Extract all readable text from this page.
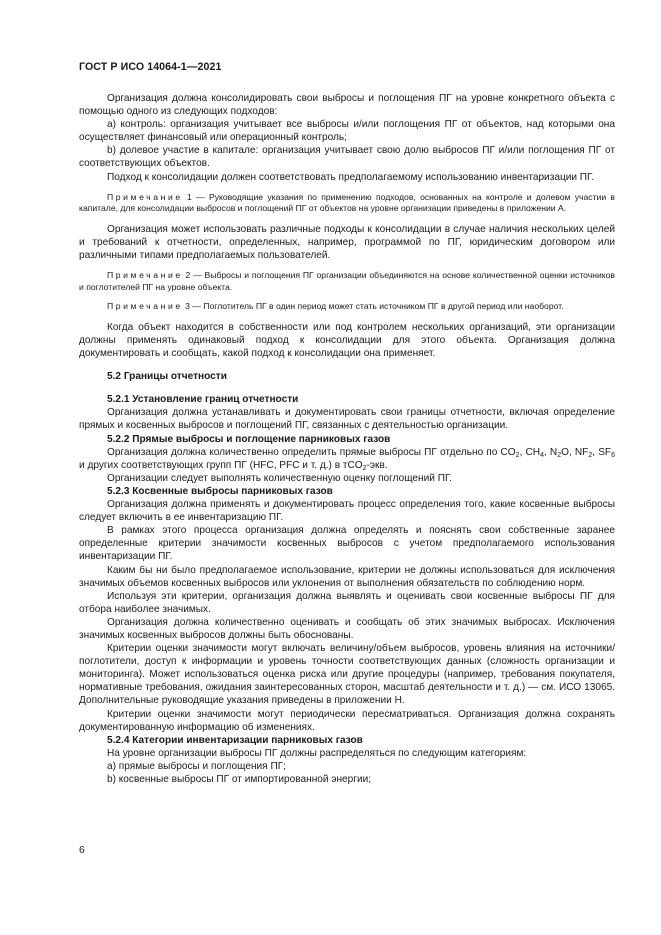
ГОСТ Р ИСО 14064-1—2021

Организация должна консолидировать свои выбросы и поглощения ПГ на уровне конкретного объекта с помощью одного из следующих подходов:

а) контроль: организация учитывает все выбросы и/или поглощения ПГ от объектов, над которыми она осуществляет финансовый или операционный контроль;

b) долевое участие в капитале: организация учитывает свою долю выбросов ПГ и/или поглощения ПГ от соответствующих объектов.

Подход к консолидации должен соответствовать предполагаемому использованию инвентаризации ПГ.

Примечание 1 — Руководящие указания по применению подходов, основанных на контроле и долевом участии в капитале, для консолидации выбросов и поглощений ПГ от объектов на уровне организации приведены в приложении А.

Организация может использовать различные подходы к консолидации в случае наличия нескольких целей и требований к отчетности, определенных, например, программой по ПГ, юридическим договором или различными типами предполагаемых пользователей.

Примечание 2 — Выбросы и поглощения ПГ организации объединяются на основе количественной оценки источников и поглотителей ПГ на уровне объекта.

Примечание 3 — Поглотитель ПГ в один период может стать источником ПГ в другой период или наоборот.

Когда объект находится в собственности или под контролем нескольких организаций, эти организации должны применять одинаковый подход к консолидации для этого объекта. Организация должна документировать и сообщать, какой подход к консолидации она применяет.

5.2 Границы отчетности

5.2.1 Установление границ отчетности

Организация должна устанавливать и документировать свои границы отчетности, включая определение прямых и косвенных выбросов и поглощений ПГ, связанных с деятельностью организации.

5.2.2 Прямые выбросы и поглощение парниковых газов

Организация должна количественно определить прямые выбросы ПГ отдельно по $CO_2$, $CH_4$, $N_2O$, $NF_2$, $SF_6$ и других соответствующих групп ПГ (HFC, PFC и т. д.) в тCO$_2$-экв.

Организации следует выполнять количественную оценку поглощений ПГ.

5.2.3 Косвенные выбросы парниковых газов

Организация должна применять и документировать процесс определения того, какие косвенные выбросы следует включить в ее инвентаризацию ПГ.

В рамках этого процесса организация должна определять и пояснять свои собственные заранее определенные критерии значимости косвенных выбросов с учетом предполагаемого использования инвентаризации ПГ.

Каким бы ни было предполагаемое использование, критерии не должны использоваться для исключения значимых объемов косвенных выбросов или уклонения от выполнения обязательств по соблюдению норм.

Используя эти критерии, организация должна выявлять и оценивать свои косвенные выбросы ПГ для отбора наиболее значимых.

Организация должна количественно оценивать и сообщать об этих значимых выбросах. Исключения значимых косвенных выбросов должны быть обоснованы.

Критерии оценки значимости могут включать величину/объем выбросов, уровень влияния на источники/поглотители, доступ к информации и уровень точности соответствующих данных (сложность организации и мониторинга). Может использоваться оценка риска или другие процедуры (например, требования покупателя, нормативные требования, ожидания заинтересованных сторон, масштаб деятельности и т. д.) — см. ИСО 13065. Дополнительные руководящие указания приведены в приложении Н.

Критерии оценки значимости могут периодически пересматриваться. Организация должна сохранять документированную информацию об изменениях.

5.2.4 Категории инвентаризации парниковых газов

На уровне организации выбросы ПГ должны распределяться по следующим категориям:

а) прямые выбросы и поглощения ПГ;

b) косвенные выбросы ПГ от импортированной энергии;

6
